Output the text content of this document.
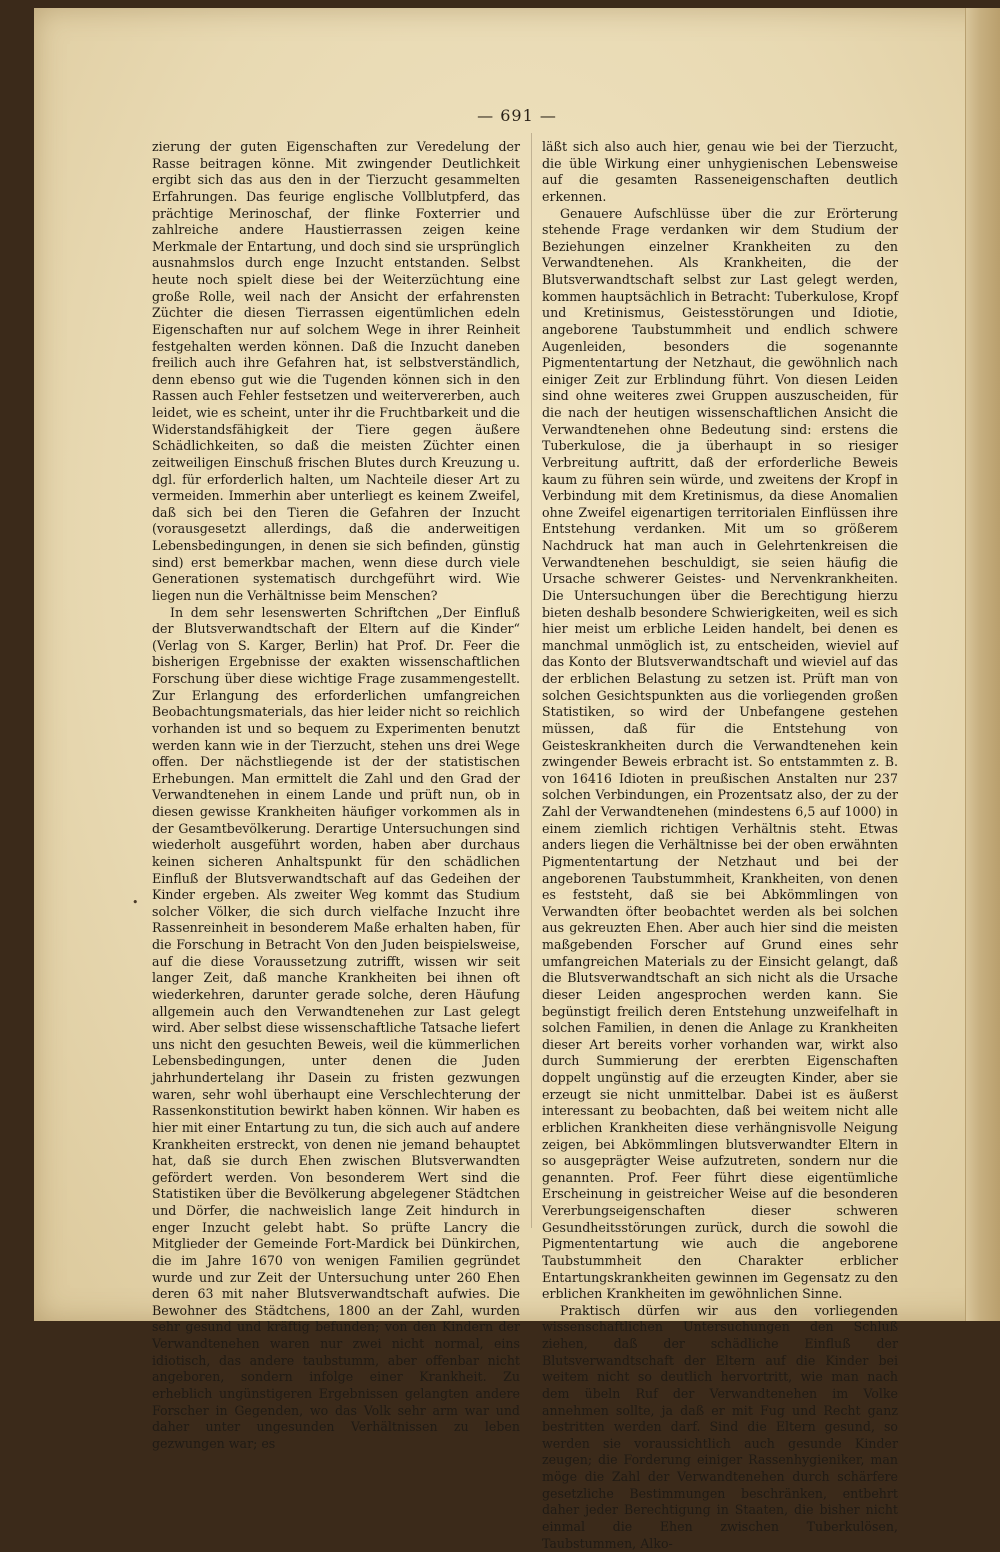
— 691 —
•

zierung der guten Eigenschaften zur Veredelung der Rasse beitragen könne. Mit zwingender Deutlichkeit ergibt sich das aus den in der Tierzucht gesammelten Erfahrungen. Das feurige englische Vollblutpferd, das prächtige Merinoschaf, der flinke Foxterrier und zahlreiche andere Haustierrassen zeigen keine Merkmale der Entartung, und doch sind sie ursprünglich ausnahmslos durch enge Inzucht entstanden. Selbst heute noch spielt diese bei der Weiterzüchtung eine große Rolle, weil nach der Ansicht der erfahrensten Züchter die diesen Tierrassen eigentümlichen edeln Eigenschaften nur auf solchem Wege in ihrer Reinheit festgehalten werden können. Daß die Inzucht daneben freilich auch ihre Gefahren hat, ist selbstverständlich, denn ebenso gut wie die Tugenden können sich in den Rassen auch Fehler festsetzen und weitervererben, auch leidet, wie es scheint, unter ihr die Fruchtbarkeit und die Widerstandsfähigkeit der Tiere gegen äußere Schädlichkeiten, so daß die meisten Züchter einen zeitweiligen Einschuß frischen Blutes durch Kreuzung u. dgl. für erforderlich halten, um Nachteile dieser Art zu vermeiden. Immerhin aber unterliegt es keinem Zweifel, daß sich bei den Tieren die Gefahren der Inzucht (vorausgesetzt allerdings, daß die anderweitigen Lebensbedingungen, in denen sie sich befinden, günstig sind) erst bemerkbar machen, wenn diese durch viele Generationen systematisch durchgeführt wird. Wie liegen nun die Verhältnisse beim Menschen?

In dem sehr lesenswerten Schriftchen „Der Einfluß der Blutsverwandtschaft der Eltern auf die Kinder“ (Verlag von S. Karger, Berlin) hat Prof. Dr. Feer die bisherigen Ergebnisse der exakten wissenschaftlichen Forschung über diese wichtige Frage zusammengestellt. Zur Erlangung des erforderlichen umfangreichen Beobachtungsmaterials, das hier leider nicht so reichlich vorhanden ist und so bequem zu Experimenten benutzt werden kann wie in der Tierzucht, stehen uns drei Wege offen. Der nächstliegende ist der der statistischen Erhebungen. Man ermittelt die Zahl und den Grad der Verwandtenehen in einem Lande und prüft nun, ob in diesen gewisse Krankheiten häufiger vorkommen als in der Gesamtbevölkerung. Derartige Untersuchungen sind wiederholt ausgeführt worden, haben aber durchaus keinen sicheren Anhaltspunkt für den schädlichen Einfluß der Blutsverwandtschaft auf das Gedeihen der Kinder ergeben. Als zweiter Weg kommt das Studium solcher Völker, die sich durch vielfache Inzucht ihre Rassenreinheit in besonderem Maße erhalten haben, für die Forschung in Betracht Von den Juden beispielsweise, auf die diese Voraussetzung zutrifft, wissen wir seit langer Zeit, daß manche Krankheiten bei ihnen oft wiederkehren, darunter gerade solche, deren Häufung allgemein auch den Verwandtenehen zur Last gelegt wird. Aber selbst diese wissenschaftliche Tatsache liefert uns nicht den gesuchten Beweis, weil die kümmerlichen Lebensbedingungen, unter denen die Juden jahrhundertelang ihr Dasein zu fristen gezwungen waren, sehr wohl überhaupt eine Verschlechterung der Rassenkonstitution bewirkt haben können. Wir haben es hier mit einer Entartung zu tun, die sich auch auf andere Krankheiten erstreckt, von denen nie jemand behauptet hat, daß sie durch Ehen zwischen Blutsverwandten gefördert werden. Von besonderem Wert sind die Statistiken über die Bevölkerung abgelegener Städtchen und Dörfer, die nachweislich lange Zeit hindurch in enger Inzucht gelebt habt. So prüfte Lancry die Mitglieder der Gemeinde Fort-Mardick bei Dünkirchen, die im Jahre 1670 von wenigen Familien gegründet wurde und zur Zeit der Untersuchung unter 260 Ehen deren 63 mit naher Blutsverwandtschaft aufwies. Die Bewohner des Städtchens, 1800 an der Zahl, wurden sehr gesund und kräftig befunden; von den Kindern der Verwandtenehen waren nur zwei nicht normal, eins idiotisch, das andere taubstumm, aber offenbar nicht angeboren, sondern infolge einer Krankheit. Zu erheblich ungünstigeren Ergebnissen gelangten andere Forscher in Gegenden, wo das Volk sehr arm war und daher unter ungesunden Verhältnissen zu leben gezwungen war; es

läßt sich also auch hier, genau wie bei der Tierzucht, die üble Wirkung einer unhygienischen Lebensweise auf die gesamten Rasseneigenschaften deutlich erkennen.

Genauere Aufschlüsse über die zur Erörterung stehende Frage verdanken wir dem Studium der Beziehungen einzelner Krankheiten zu den Verwandtenehen. Als Krankheiten, die der Blutsverwandtschaft selbst zur Last gelegt werden, kommen hauptsächlich in Betracht: Tuberkulose, Kropf und Kretinismus, Geistesstörungen und Idiotie, angeborene Taubstummheit und endlich schwere Augenleiden, besonders die sogenannte Pigmententartung der Netzhaut, die gewöhnlich nach einiger Zeit zur Erblindung führt. Von diesen Leiden sind ohne weiteres zwei Gruppen auszuscheiden, für die nach der heutigen wissenschaftlichen Ansicht die Verwandtenehen ohne Bedeutung sind: erstens die Tuberkulose, die ja überhaupt in so riesiger Verbreitung auftritt, daß der erforderliche Beweis kaum zu führen sein würde, und zweitens der Kropf in Verbindung mit dem Kretinismus, da diese Anomalien ohne Zweifel eigenartigen territorialen Einflüssen ihre Entstehung verdanken. Mit um so größerem Nachdruck hat man auch in Gelehrtenkreisen die Verwandtenehen beschuldigt, sie seien häufig die Ursache schwerer Geistes- und Nervenkrankheiten. Die Untersuchungen über die Berechtigung hierzu bieten deshalb besondere Schwierigkeiten, weil es sich hier meist um erbliche Leiden handelt, bei denen es manchmal unmöglich ist, zu entscheiden, wieviel auf das Konto der Blutsverwandtschaft und wieviel auf das der erblichen Belastung zu setzen ist. Prüft man von solchen Gesichtspunkten aus die vorliegenden großen Statistiken, so wird der Unbefangene gestehen müssen, daß für die Entstehung von Geisteskrankheiten durch die Verwandtenehen kein zwingender Beweis erbracht ist. So entstammten z. B. von 16416 Idioten in preußischen Anstalten nur 237 solchen Verbindungen, ein Prozentsatz also, der zu der Zahl der Verwandtenehen (mindestens 6,5 auf 1000) in einem ziemlich richtigen Verhältnis steht. Etwas anders liegen die Verhältnisse bei der oben erwähnten Pigmententartung der Netzhaut und bei der angeborenen Taubstummheit, Krankheiten, von denen es feststeht, daß sie bei Abkömmlingen von Verwandten öfter beobachtet werden als bei solchen aus gekreuzten Ehen. Aber auch hier sind die meisten maßgebenden Forscher auf Grund eines sehr umfangreichen Materials zu der Einsicht gelangt, daß die Blutsverwandtschaft an sich nicht als die Ursache dieser Leiden angesprochen werden kann. Sie begünstigt freilich deren Entstehung unzweifelhaft in solchen Familien, in denen die Anlage zu Krankheiten dieser Art bereits vorher vorhanden war, wirkt also durch Summierung der ererbten Eigenschaften doppelt ungünstig auf die erzeugten Kinder, aber sie erzeugt sie nicht unmittelbar. Dabei ist es äußerst interessant zu beobachten, daß bei weitem nicht alle erblichen Krankheiten diese verhängnisvolle Neigung zeigen, bei Abkömmlingen blutsverwandter Eltern in so ausgeprägter Weise aufzutreten, sondern nur die genannten. Prof. Feer führt diese eigentümliche Erscheinung in geistreicher Weise auf die besonderen Vererbungseigenschaften dieser schweren Gesundheitsstörungen zurück, durch die sowohl die Pigmententartung wie auch die angeborene Taubstummheit den Charakter erblicher Entartungskrankheiten gewinnen im Gegensatz zu den erblichen Krankheiten im gewöhnlichen Sinne.

Praktisch dürfen wir aus den vorliegenden wissenschaftlichen Untersuchungen den Schluß ziehen, daß der schädliche Einfluß der Blutsverwandtschaft der Eltern auf die Kinder bei weitem nicht so deutlich hervortritt, wie man nach dem übeln Ruf der Verwandtenehen im Volke annehmen sollte, ja daß er mit Fug und Recht ganz bestritten werden darf. Sind die Eltern gesund, so werden sie voraussichtlich auch gesunde Kinder zeugen; die Forderung einiger Rassenhygieniker, man möge die Zahl der Verwandtenehen durch schärfere gesetzliche Bestimmungen beschränken, entbehrt daher jeder Berechtigung in Staaten, die bisher nicht einmal die Ehen zwischen Tuberkulösen, Taubstummen, Alko-
